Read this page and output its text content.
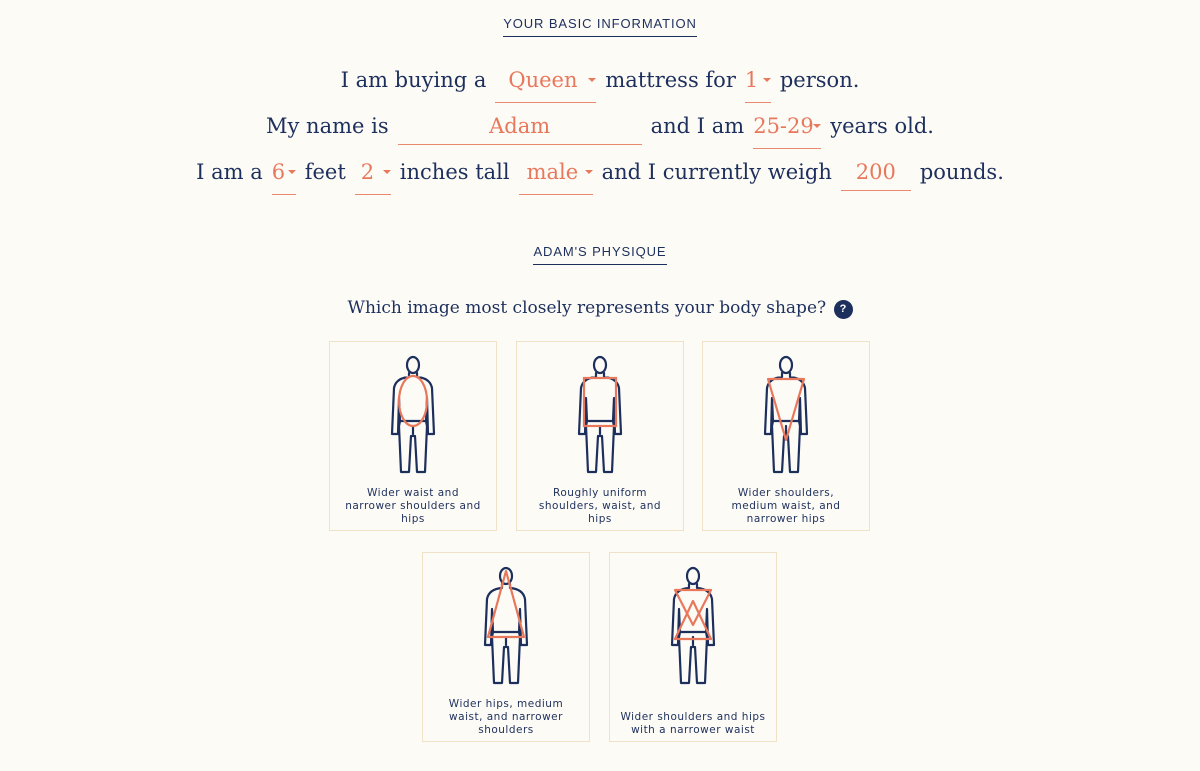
YOUR BASIC INFORMATION
I am buying a	Queen	mattress for 1	person.
My name is	Adam	and I am 25-29 years old.
I am a 6 feet 2	inches tall male	and I currently weigh	200	pounds.
ADAM'S PHYSIQUE
Which image most closely represents your body shape? ?
Wider waist and narrower shoulders and hips
Roughly uniform shoulders, waist, and hips
Wider shoulders, medium waist, and narrower hips
Wider hips, medium waist, and narrower shoulders
Wider shoulders and hips with a narrower waist
